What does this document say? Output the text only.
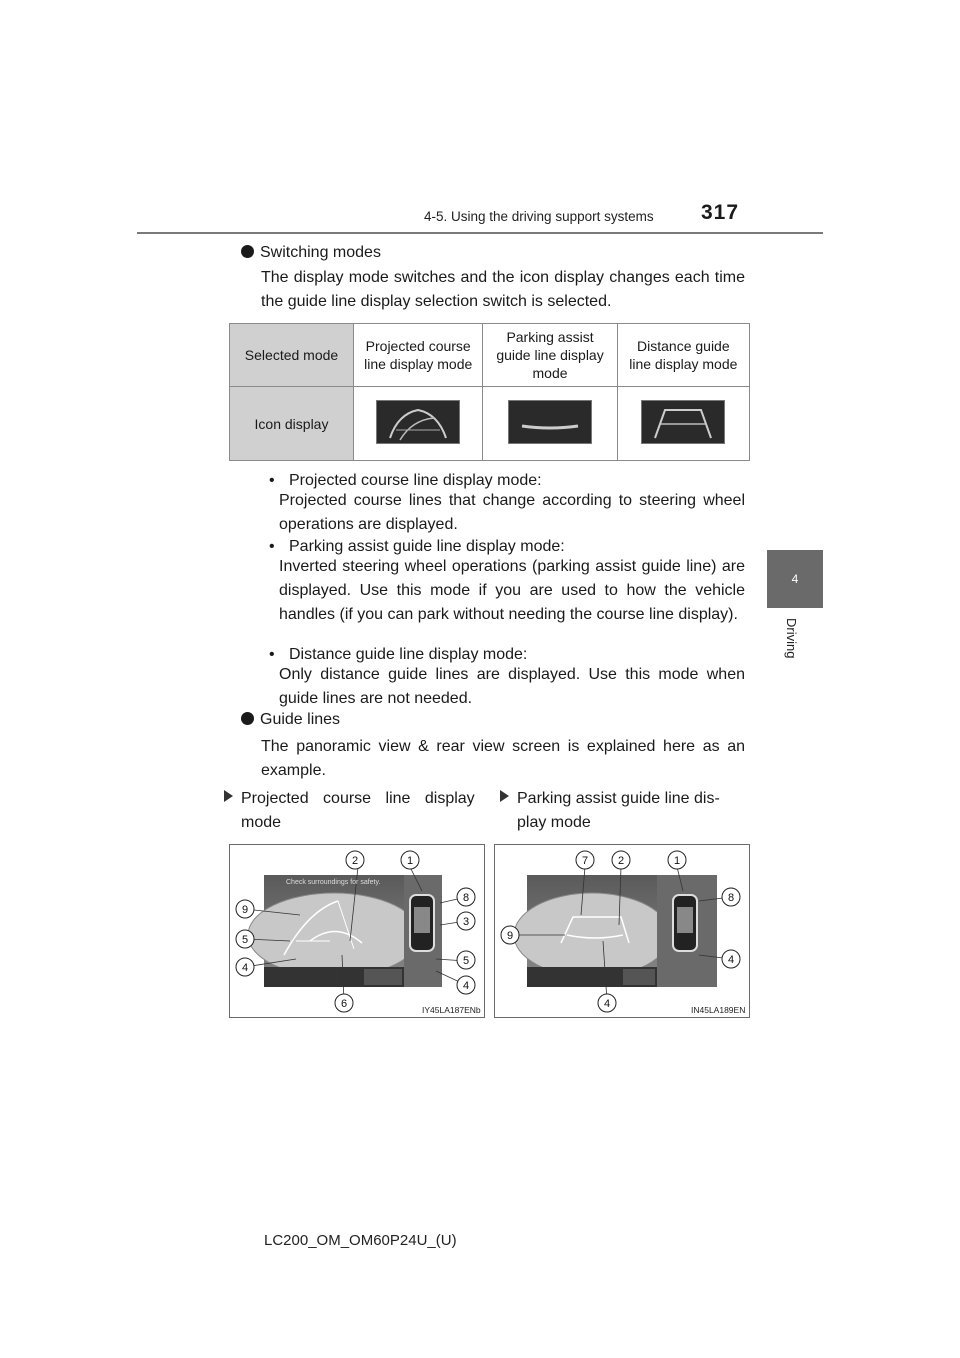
4-5. Using the driving support systems	317
4
Driving
Switching modes
The display mode switches and the icon display changes each time the guide line display selection switch is selected.
Selected mode	Projected course
line display mode	Parking assist
guide line display
mode	Distance guide
line display mode
Icon display			
• Projected course line display mode:
Projected course lines that change according to steering wheel operations are displayed.
• Parking assist guide line display mode:
Inverted steering wheel operations (parking assist guide line) are displayed. Use this mode if you are used to how the vehicle handles (if you can park without needing the course line display).
• Distance guide line display mode:
Only distance guide lines are displayed. Use this mode when guide lines are not needed.
Guide lines
The panoramic view & rear view screen is explained here as an example.
Projected course line display
mode
Parking assist guide line dis-
play mode
2	1
8
9
3
5
5
4
4
6
Check surroundings for safety.
IY45LA187ENb
7	2	1
8
9
4
4	IN45LA189EN
LC200_OM_OM60P24U_(U)
